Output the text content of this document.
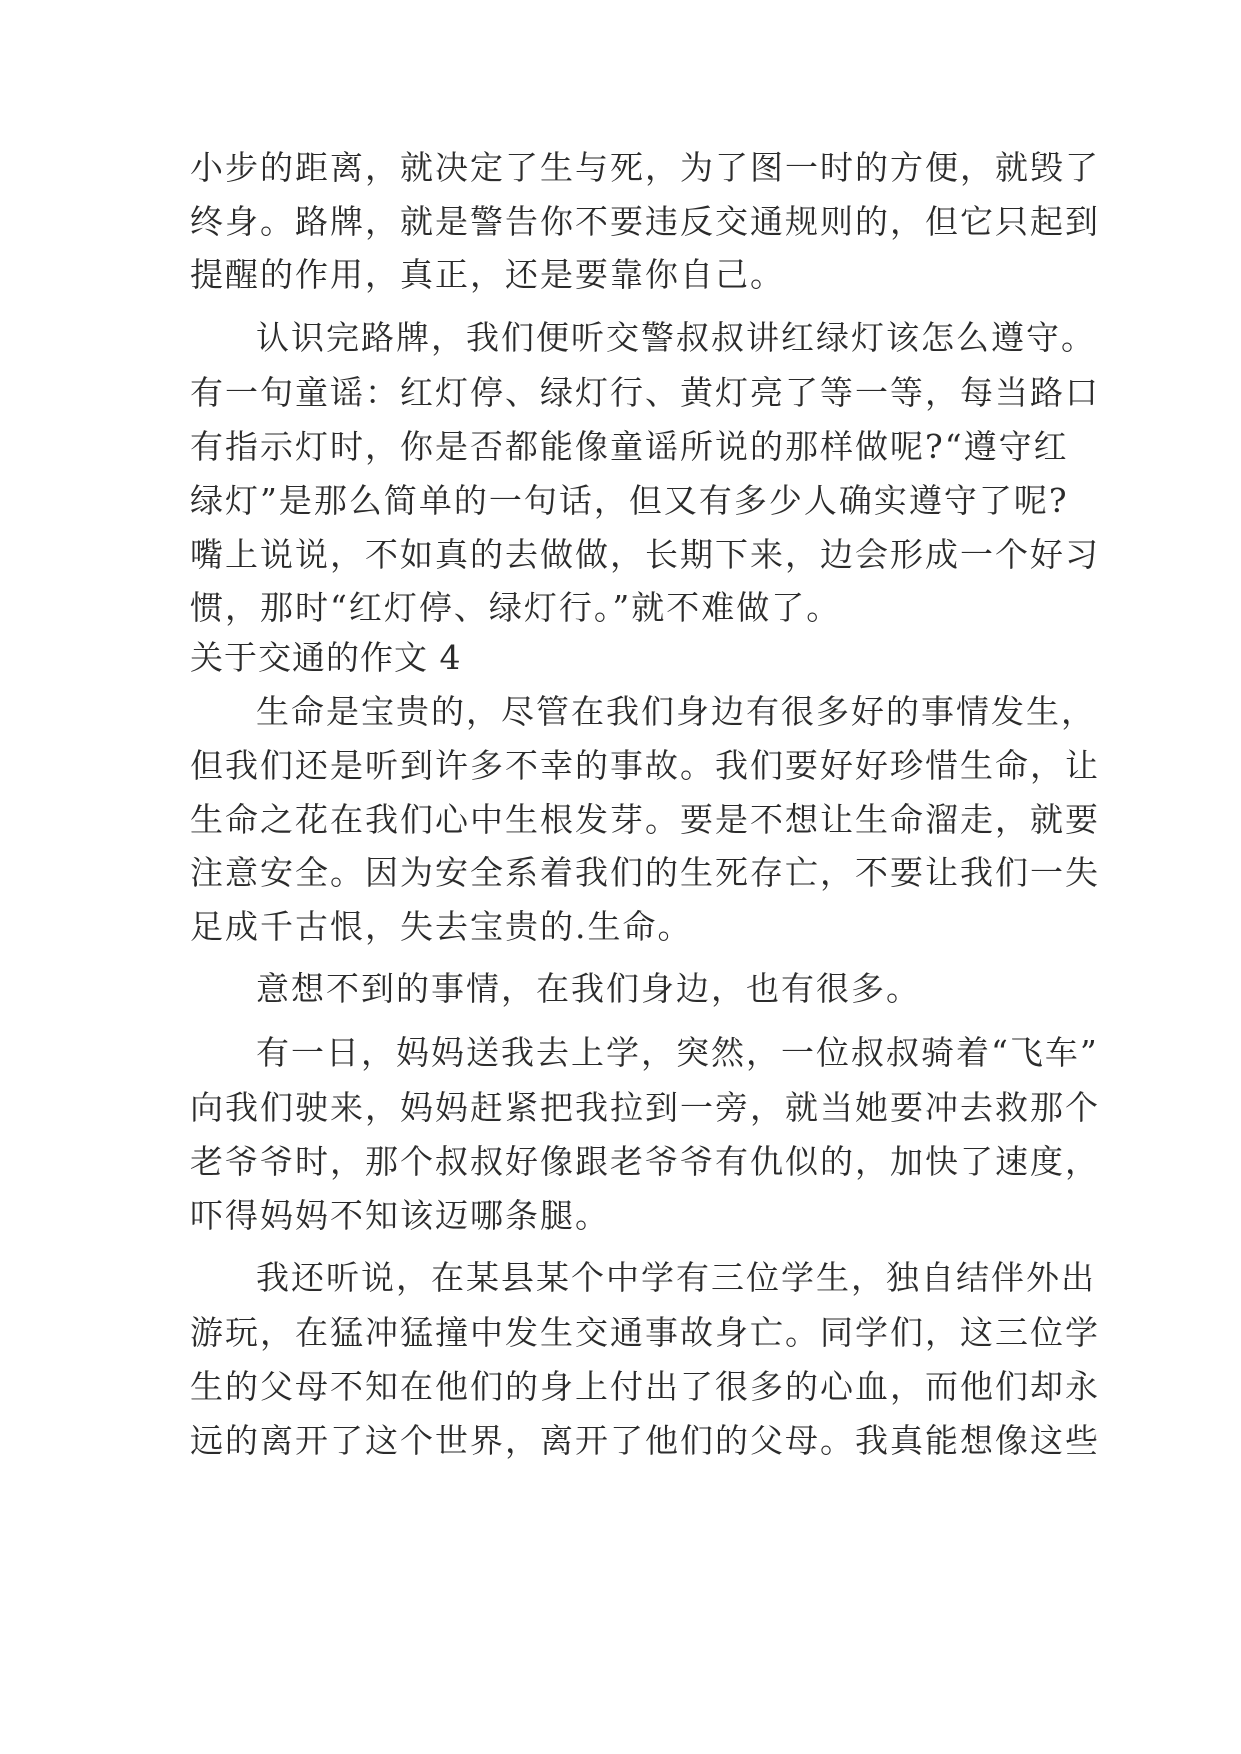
小步的距离，就决定了生与死，为了图一时的方便，就毁了
终身。路牌，就是警告你不要违反交通规则的，但它只起到
提醒的作用，真正，还是要靠你自己。
认识完路牌，我们便听交警叔叔讲红绿灯该怎么遵守。
有一句童谣：红灯停、绿灯行、黄灯亮了等一等，每当路口
有指示灯时，你是否都能像童谣所说的那样做呢?“遵守红
绿灯”是那么简单的一句话，但又有多少人确实遵守了呢?
嘴上说说，不如真的去做做，长期下来，边会形成一个好习
惯，那时“红灯停、绿灯行。”就不难做了。
关于交通的作文 4
生命是宝贵的，尽管在我们身边有很多好的事情发生，
但我们还是听到许多不幸的事故。我们要好好珍惜生命，让
生命之花在我们心中生根发芽。要是不想让生命溜走，就要
注意安全。因为安全系着我们的生死存亡，不要让我们一失
足成千古恨，失去宝贵的.生命。
意想不到的事情，在我们身边，也有很多。
有一日，妈妈送我去上学，突然，一位叔叔骑着“飞车”
向我们驶来，妈妈赶紧把我拉到一旁，就当她要冲去救那个
老爷爷时，那个叔叔好像跟老爷爷有仇似的，加快了速度，
吓得妈妈不知该迈哪条腿。
我还听说，在某县某个中学有三位学生，独自结伴外出
游玩，在猛冲猛撞中发生交通事故身亡。同学们，这三位学
生的父母不知在他们的身上付出了很多的心血，而他们却永
远的离开了这个世界，离开了他们的父母。我真能想像这些
